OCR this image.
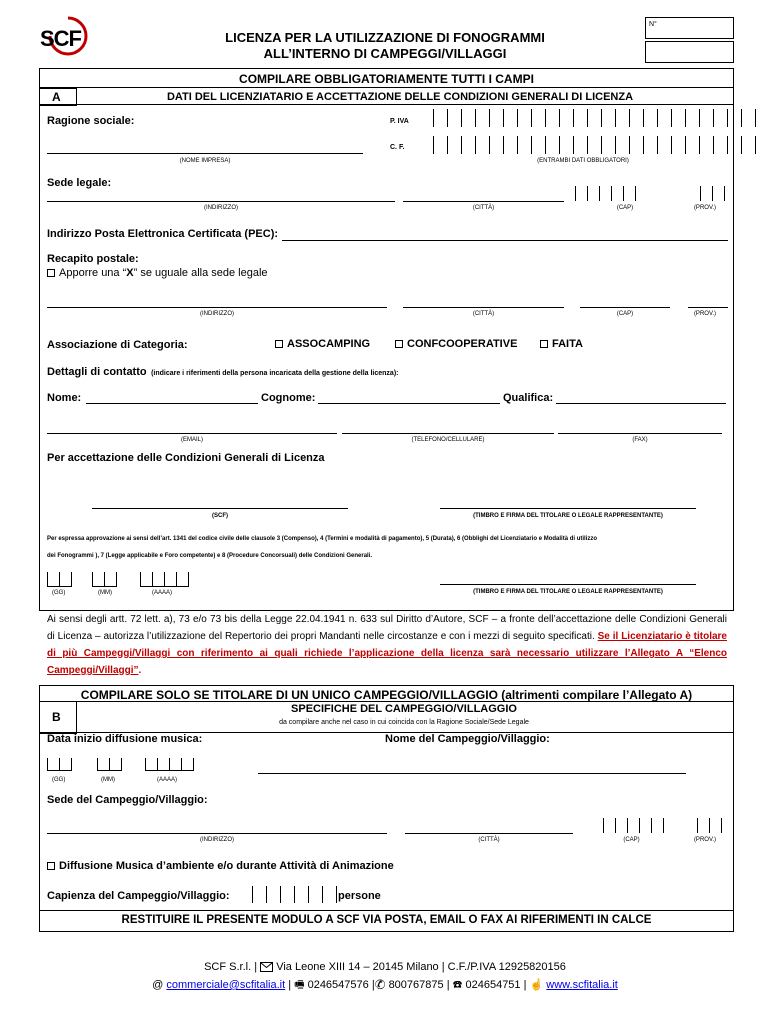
SCF	LICENZA PER LA UTILIZZAZIONE DI FONOGRAMMI
ALL’INTERNO DI CAMPEGGI/VILLAGGI
N°
COMPILARE OBBLIGATORIAMENTE TUTTI I CAMPI
A	DATI DEL LICENZIATARIO E ACCETTAZIONE DELLE CONDIZIONI GENERALI DI LICENZA
Ragione sociale:
(NOME IMPRESA)
P. IVA
C. F.
(ENTRAMBI DATI OBBLIGATORI)
Sede legale:
(INDIRIZZO)	(CITTÀ)	(CAP)	(PROV.)
Indirizzo Posta Elettronica Certificata (PEC):
Recapito postale:
Apporre una “X” se uguale alla sede legale
(INDIRIZZO)	(CITTÀ)	(CAP)	(PROV.)
Associazione di Categoria:	ASSOCAMPING	CONFCOOPERATIVE	FAITA
Dettagli di contatto (indicare i riferimenti della persona incaricata della gestione della licenza):
Nome:	Cognome:	Qualifica:
(EMAIL)	(TELEFONO/CELLULARE)	(FAX)
Per accettazione delle Condizioni Generali di Licenza
(SCF)	(TIMBRO E FIRMA DEL TITOLARE O LEGALE RAPPRESENTANTE)
Per espressa approvazione ai sensi dell’art. 1341 del codice civile delle clausole 3 (Compenso), 4 (Termini e modalità di pagamento), 5 (Durata), 6 (Obblighi del Licenziatario e Modalità di utilizzo
dei Fonogrammi ), 7 (Legge applicabile e Foro competente) e 8 (Procedure Concorsuali) delle Condizioni Generali.
(GG)	(MM)	(AAAA)	(TIMBRO E FIRMA DEL TITOLARE O LEGALE RAPPRESENTANTE)
Ai sensi degli artt. 72 lett. a), 73 e/o 73 bis della Legge 22.04.1941 n. 633 sul Diritto d’Autore, SCF – a fronte dell’accettazione delle Condizioni Generali di Licenza – autorizza l’utilizzazione del Repertorio dei propri Mandanti nelle circostanze e con i mezzi di seguito specificati. Se il Licenziatario è titolare di più Campeggi/Villaggi con riferimento ai quali richiede l’applicazione della licenza sarà necessario utilizzare l’Allegato A “Elenco Campeggi/Villaggi”.
COMPILARE SOLO SE TITOLARE DI UN UNICO CAMPEGGIO/VILLAGGIO (altrimenti compilare l’Allegato A)
B
SPECIFICHE DEL CAMPEGGIO/VILLAGGIO
da compilare anche nel caso in cui coincida con la Ragione Sociale/Sede Legale
Data inizio diffusione musica:	Nome del Campeggio/Villaggio:
(GG)	(MM)	(AAAA)
Sede del Campeggio/Villaggio:
(INDIRIZZO)	(CITTÀ)	(CAP)	(PROV.)
Diffusione Musica d’ambiente e/o durante Attività di Animazione
Capienza del Campeggio/Villaggio:	persone
RESTITUIRE IL PRESENTE MODULO A SCF VIA POSTA, EMAIL O FAX AI RIFERIMENTI IN CALCE
SCF S.r.l. |
Via Leone XIII 14 – 20145 Milano | C.F./P.IVA 12925820156
@ commerciale@scfitalia.it | 🖷 0246547576 |✆ 800767875 | ☎ 024654751 | ☝ www.scfitalia.it
